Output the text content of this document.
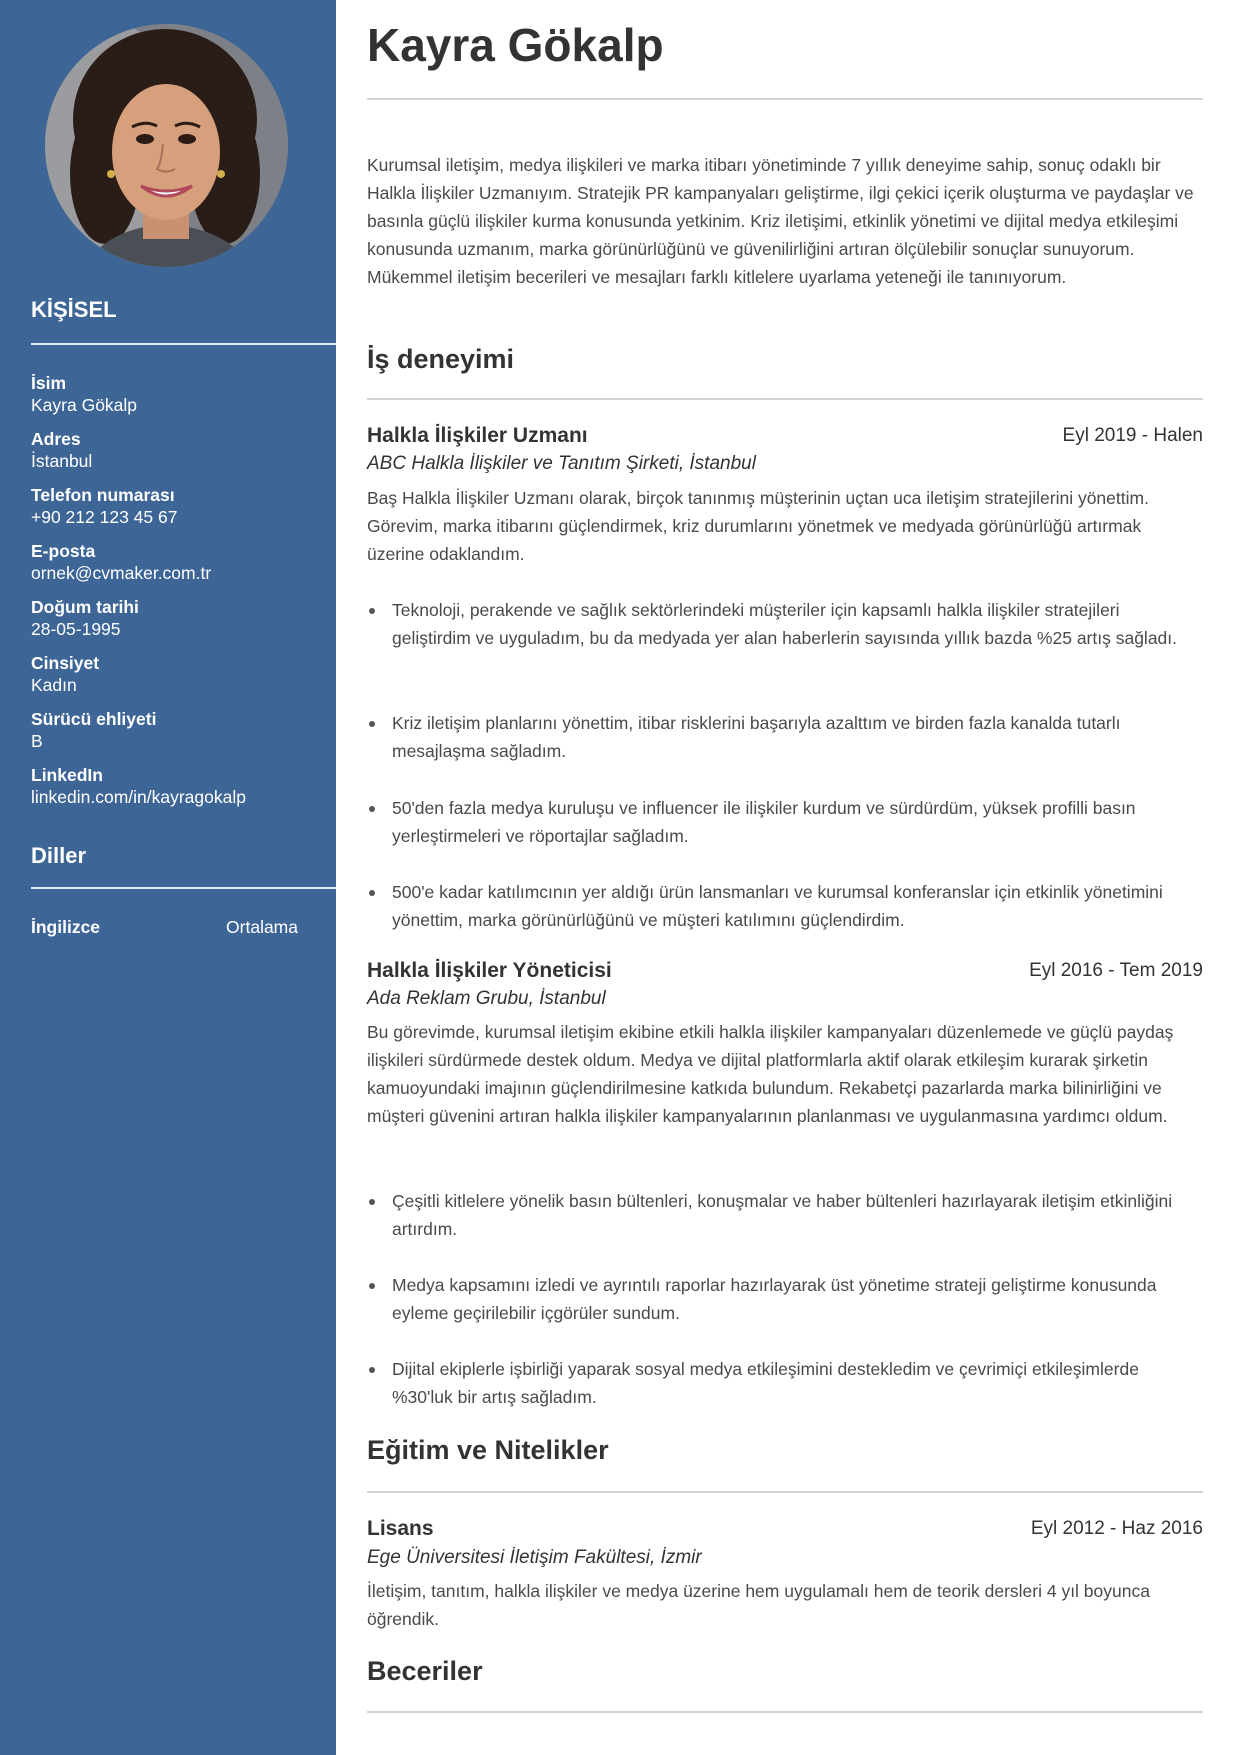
KİŞİSEL
İsim
Kayra Gökalp
Adres
İstanbul
Telefon numarası
+90 212 123 45 67
E-posta
ornek@cvmaker.com.tr
Doğum tarihi
28-05-1995
Cinsiyet
Kadın
Sürücü ehliyeti
B
LinkedIn
linkedin.com/in/kayragokalp
Diller
İngilizce	Ortalama
Kayra Gökalp
Kurumsal iletişim, medya ilişkileri ve marka itibarı yönetiminde 7 yıllık deneyime sahip, sonuç odaklı bir Halkla İlişkiler Uzmanıyım. Stratejik PR kampanyaları geliştirme, ilgi çekici içerik oluşturma ve paydaşlar ve basınla güçlü ilişkiler kurma konusunda yetkinim. Kriz iletişimi, etkinlik yönetimi ve dijital medya etkileşimi konusunda uzmanım, marka görünürlüğünü ve güvenilirliğini artıran ölçülebilir sonuçlar sunuyorum. Mükemmel iletişim becerileri ve mesajları farklı kitlelere uyarlama yeteneği ile tanınıyorum.
İş deneyimi
Halkla İlişkiler Uzmanı	Eyl 2019 - Halen
ABC Halkla İlişkiler ve Tanıtım Şirketi, İstanbul
Baş Halkla İlişkiler Uzmanı olarak, birçok tanınmış müşterinin uçtan uca iletişim stratejilerini yönettim. Görevim, marka itibarını güçlendirmek, kriz durumlarını yönetmek ve medyada görünürlüğü artırmak üzerine odaklandım.
Teknoloji, perakende ve sağlık sektörlerindeki müşteriler için kapsamlı halkla ilişkiler stratejileri geliştirdim ve uyguladım, bu da medyada yer alan haberlerin sayısında yıllık bazda %25 artış sağladı.
Kriz iletişim planlarını yönettim, itibar risklerini başarıyla azalttım ve birden fazla kanalda tutarlı mesajlaşma sağladım.
50'den fazla medya kuruluşu ve influencer ile ilişkiler kurdum ve sürdürdüm, yüksek profilli basın yerleştirmeleri ve röportajlar sağladım.
500'e kadar katılımcının yer aldığı ürün lansmanları ve kurumsal konferanslar için etkinlik yönetimini yönettim, marka görünürlüğünü ve müşteri katılımını güçlendirdim.
Halkla İlişkiler Yöneticisi	Eyl 2016 - Tem 2019
Ada Reklam Grubu, İstanbul
Bu görevimde, kurumsal iletişim ekibine etkili halkla ilişkiler kampanyaları düzenlemede ve güçlü paydaş ilişkileri sürdürmede destek oldum. Medya ve dijital platformlarla aktif olarak etkileşim kurarak şirketin kamuoyundaki imajının güçlendirilmesine katkıda bulundum. Rekabetçi pazarlarda marka bilinirliğini ve müşteri güvenini artıran halkla ilişkiler kampanyalarının planlanması ve uygulanmasına yardımcı oldum.
Çeşitli kitlelere yönelik basın bültenleri, konuşmalar ve haber bültenleri hazırlayarak iletişim etkinliğini artırdım.
Medya kapsamını izledi ve ayrıntılı raporlar hazırlayarak üst yönetime strateji geliştirme konusunda eyleme geçirilebilir içgörüler sundum.
Dijital ekiplerle işbirliği yaparak sosyal medya etkileşimini destekledim ve çevrimiçi etkileşimlerde %30'luk bir artış sağladım.
Eğitim ve Nitelikler
Lisans	Eyl 2012 - Haz 2016
Ege Üniversitesi İletişim Fakültesi, İzmir
İletişim, tanıtım, halkla ilişkiler ve medya üzerine hem uygulamalı hem de teorik dersleri 4 yıl boyunca öğrendik.
Beceriler
